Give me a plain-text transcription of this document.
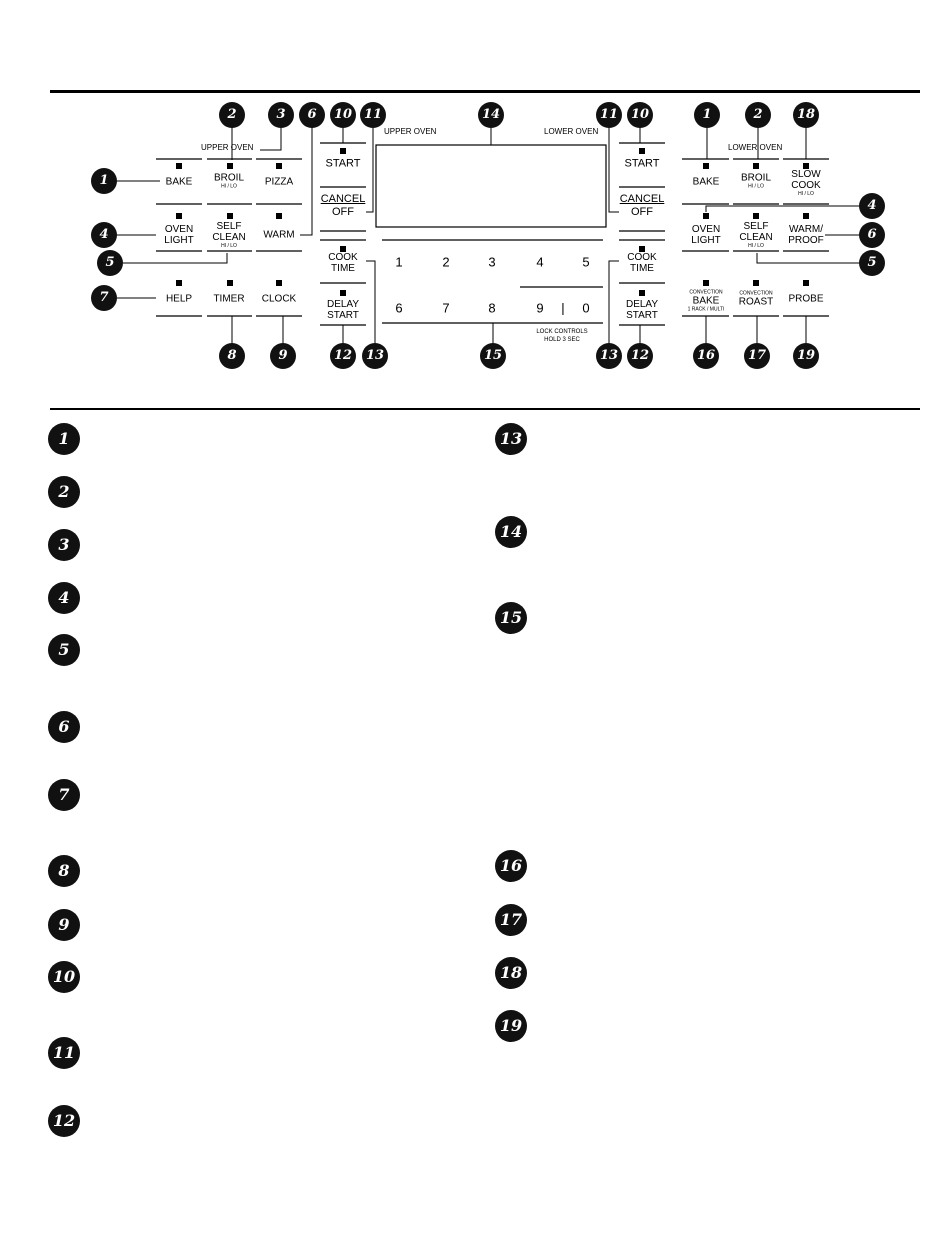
UPPER OVEN	LOWER OVEN
UPPER OVEN	LOWER OVEN
BAKE BROIL
HI / LO	PIZZA
OVEN
LIGHT
SELF
CLEAN
HI / LO
WARM
HELP TIMER CLOCK
START
CANCEL
OFF
COOK
TIME
DELAY
START
START
CANCEL
OFF
COOK
TIME
DELAY
START
1	2	3	4	5
6	7	8	9 | 0
LOCK CONTROLS
HOLD 3 SEC
BAKE BROIL
HI / LO
SLOW
COOK
HI / LO
OVEN
LIGHT
SELF
CLEAN
HI / LO
WARM/
PROOF
CONVECTION
BAKE
1 RACK / MULTI
CONVECTION
ROAST PROBE
1
2	3	6
4
5
7
8	9
10 11
12	13
14
15
11 10
13 12
1	2	18
4
6
5
16	17	19
1
2
3
4
5
6
7
8
9
10
11
12
13
14
15
16
17
18
19
